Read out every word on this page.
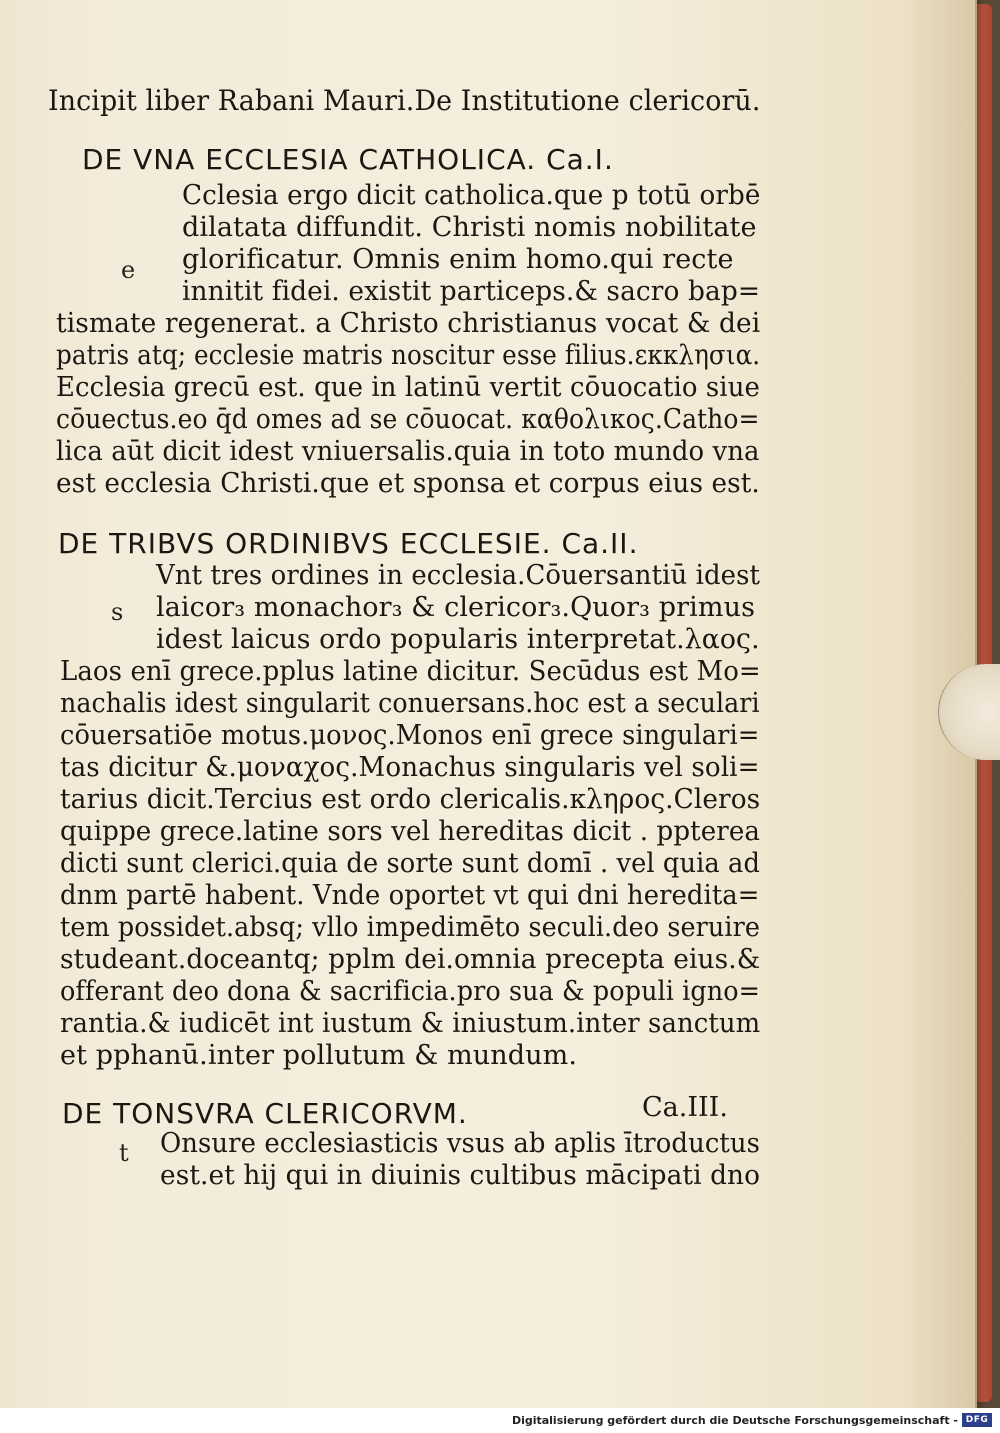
Incipit liber Rabani Mauri.De Institutione clericorū.
DE VNA ECCLESIA CATHOLICA. Ca.I.
e
Cclesia ergo dicit catholica.que p totū orbē
dilatata diffundit. Christi nomis nobilitate
glorificatur. Omnis enim homo.qui recte
innitit fidei. existit particeps.& sacro bap=
tismate regenerat. a Christo christianus vocat & dei
patris atq; ecclesie matris noscitur esse filius.εκκλησια.
Ecclesia grecū est. que in latinū vertit cōuocatio siue
cōuectus.eo q̄d omes ad se cōuocat. καθολικος.Catho=
lica aūt dicit idest vniuersalis.quia in toto mundo vna
est ecclesia Christi.que et sponsa et corpus eius est.
DE TRIBVS ORDINIBVS ECCLESIE. Ca.II.
s
Vnt tres ordines in ecclesia.Cōuersantiū idest
laicor₃ monachor₃ & clericor₃.Quor₃ primus
idest laicus ordo popularis interpretat.λαος.
Laos enī grece.pplus latine dicitur. Secūdus est Mo=
nachalis idest singularit conuersans.hoc est a seculari
cōuersatiōe motus.μονος.Monos enī grece singulari=
tas dicitur &.μοναχος.Monachus singularis vel soli=
tarius dicit.Tercius est ordo clericalis.κληρος.Cleros
quippe grece.latine sors vel hereditas dicit . ppterea
dicti sunt clerici.quia de sorte sunt domī . vel quia ad
dnm partē habent. Vnde oportet vt qui dni heredita=
tem possidet.absq; vllo impedimēto seculi.deo seruire
studeant.doceantq; pplm dei.omnia precepta eius.&
offerant deo dona & sacrificia.pro sua & populi igno=
rantia.& iudicēt int iustum & iniustum.inter sanctum
et pphanū.inter pollutum & mundum.
DE TONSVRA CLERICORVM.	Ca.III.
t Onsure ecclesiasticis vsus ab aplis ītroductus
est.et hij qui in diuinis cultibus mācipati dno
Digitalisierung gefördert durch die Deutsche Forschungsgemeinschaft - DFG
